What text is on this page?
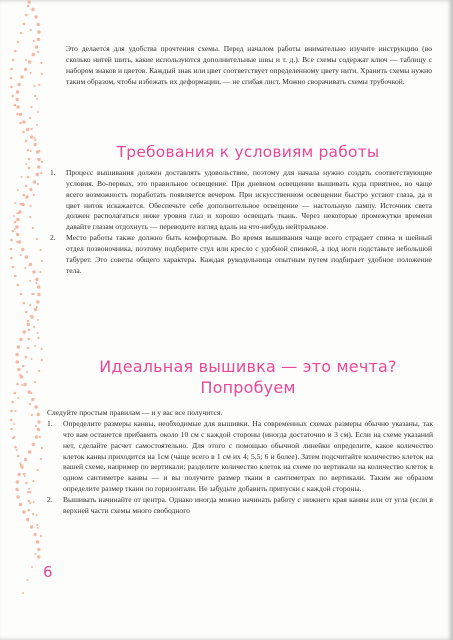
Это делается для удобства прочтения схемы. Перед началом работы внимательно изучите инструкцию (во сколько нитей шить, какие используются дополнительные швы и т. д.). Все схемы содержат ключ — таблицу с набором знаков и цветов. Каждый знак или цвет соответствует определенному цвету нити. Хранить схемы нужно таким образом, чтобы избежать их деформации, — не сгибая лист. Можно сворачивать схемы трубочкой.
Требования к условиям работы
1. Процесс вышивания должен доставлять удовольствие, поэтому для начала нужно создать соответствующие условия. Во-первых, это правильное освещение. При дневном освещении вышивать куда приятнее, но чаще всего возможность поработать появляется вечером. При искусственном освещении быстро устают глаза, да и цвет ниток искажается. Обеспечьте себе дополнительное освещение — настольную лампу. Источник света должен располагаться ниже уровня глаз и хорошо освещать ткань. Через некоторые промежутки времени давайте глазам отдохнуть — переводите взгляд вдаль на что-нибудь нейтральное.
2. Место работы также должно быть комфортным. Во время вышивания чаще всего страдает спина и шейный отдел позвоночника, поэтому подберите стул или кресло с удобной спинкой, а под ноги подставьте небольшой табурет. Это советы общего характера. Каждая рукодельница опытным путем подбирает удобное положение тела.
Идеальная вышивка — это мечта?
Попробуем
Следуйте простым правилам — и у вас все получится.
1. Определите размеры канвы, необходимые для вышивки. На современных схемах размеры обычно указаны, так что вам останется прибавить около 10 см с каждой стороны (иногда достаточно и 3 см). Если на схеме указаний нет, сделайте расчет самостоятельно. Для этого с помощью обычной линейки определите, какое количество клеток канвы приходится на 1см (чаще всего в 1 см их 4; 5,5; 6 и более). Затем подсчитайте количество клеток на вашей схеме, например по вертикали; разделите количество клеток на схеме по вертикали на количество клеток в одном сантиметре канвы — и вы получите размер ткани в сантиметрах по вертикали. Таким же образом определите размер ткани по горизонтали. Не забудьте добавить припуски с каждой стороны.
2. Вышивать начинайте от центра. Однако иногда можно начинать работу с нижнего края канвы или от угла (если в верхней части схемы много свободного
6
